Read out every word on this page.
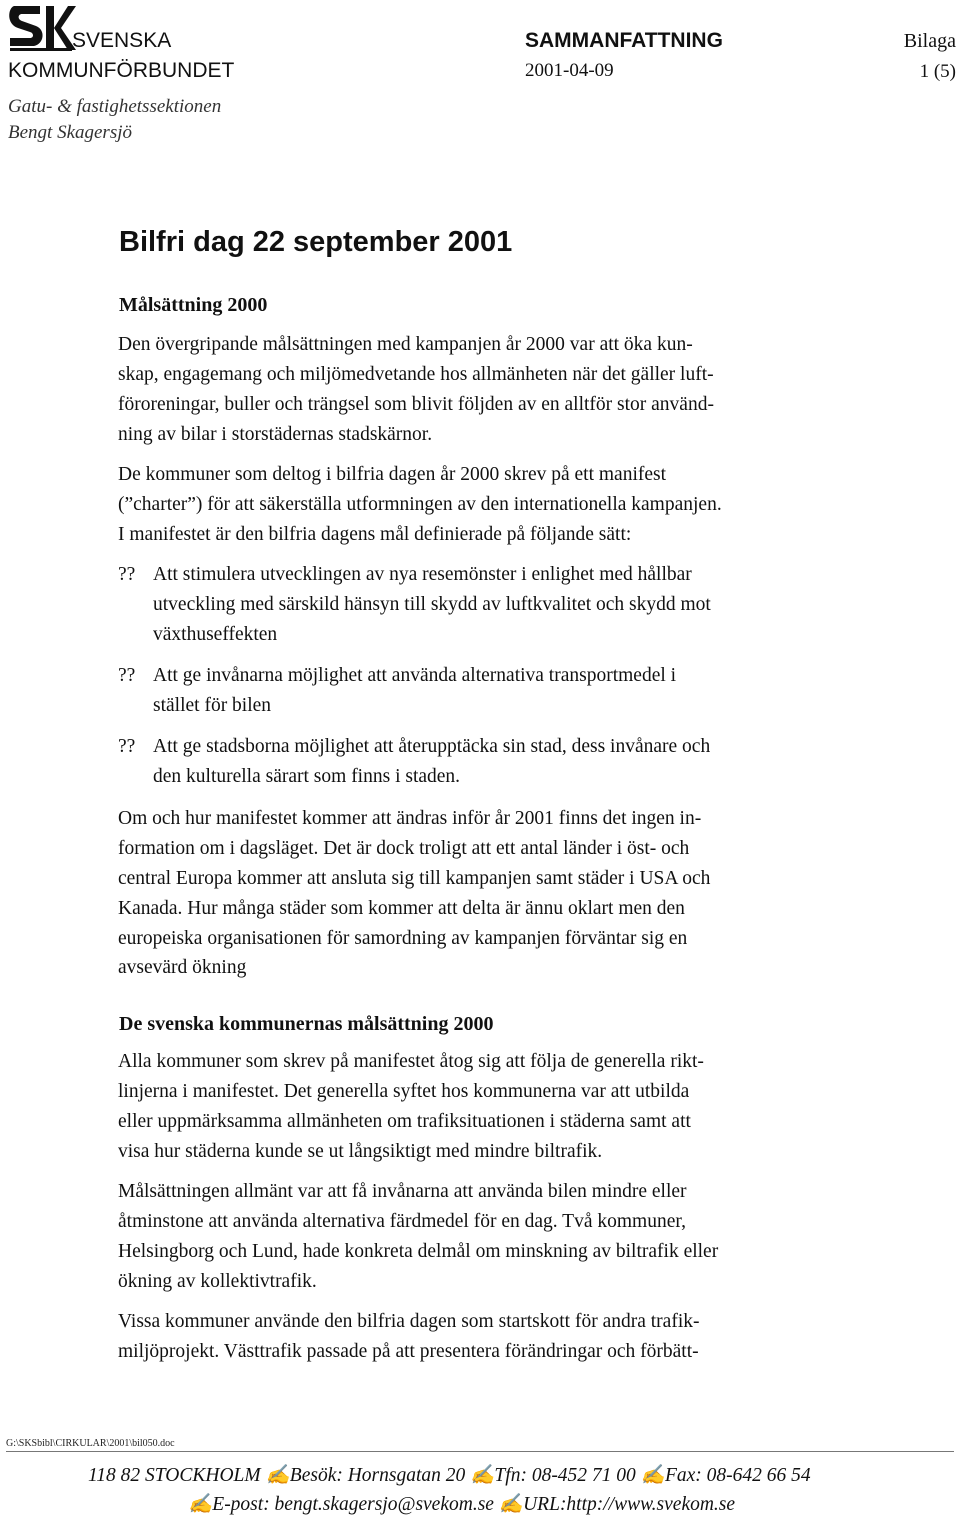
SVENSKA
KOMMUNFÖRBUNDET
SAMMANFATTNING
2001-04-09
Bilaga
1 (5)
Gatu- & fastighetssektionen
Bengt Skagersjö
Bilfri dag 22 september 2001
Målsättning 2000
Den övergripande målsättningen med kampanjen år 2000 var att öka kun-
skap, engagemang och miljömedvetande hos allmänheten när det gäller luft-
föroreningar, buller och trängsel som blivit följden av en alltför stor använd-
ning av bilar i storstädernas stadskärnor.
De kommuner som deltog i bilfria dagen år 2000 skrev på ett manifest
(”charter”) för att säkerställa utformningen av den internationella kampanjen.
I manifestet är den bilfria dagens mål definierade på följande sätt:
?? Att stimulera utvecklingen av nya resemönster i enlighet med hållbar
utveckling med särskild hänsyn till skydd av luftkvalitet och skydd mot
växthuseffekten
?? Att ge invånarna möjlighet att använda alternativa transportmedel i
stället för bilen
?? Att ge stadsborna möjlighet att återupptäcka sin stad, dess invånare och
den kulturella särart som finns i staden.
Om och hur manifestet kommer att ändras inför år 2001 finns det ingen in-
formation om i dagsläget. Det är dock troligt att ett antal länder i öst- och
central Europa kommer att ansluta sig till kampanjen samt städer i USA och
Kanada. Hur många städer som kommer att delta är ännu oklart men den
europeiska organisationen för samordning av kampanjen förväntar sig en
avsevärd ökning
De svenska kommunernas målsättning 2000
Alla kommuner som skrev på manifestet åtog sig att följa de generella rikt-
linjerna i manifestet. Det generella syftet hos kommunerna var att utbilda
eller uppmärksamma allmänheten om trafiksituationen i städerna samt att
visa hur städerna kunde se ut långsiktigt med mindre biltrafik.
Målsättningen allmänt var att få invånarna att använda bilen mindre eller
åtminstone att använda alternativa färdmedel för en dag. Två kommuner,
Helsingborg och Lund, hade konkreta delmål om minskning av biltrafik eller
ökning av kollektivtrafik.
Vissa kommuner använde den bilfria dagen som startskott för andra trafik-
miljöprojekt. Västtrafik passade på att presentera förändringar och förbätt-
G:\SKSbibl\CIRKULAR\2001\bil050.doc
118 82 STOCKHOLM ✍Besök: Hornsgatan 20 ✍Tfn: 08-452 71 00 ✍Fax: 08-642 66 54
✍E-post: bengt.skagersjo@svekom.se ✍URL:http://www.svekom.se
